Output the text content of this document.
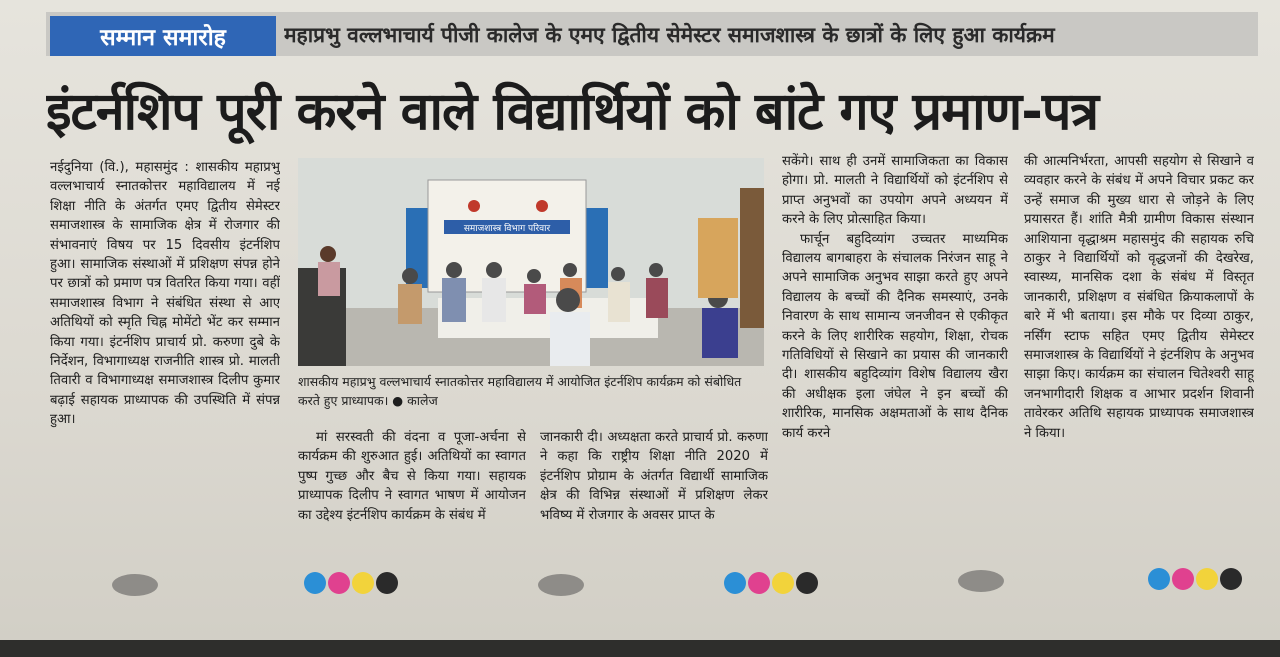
सम्मान समारोह	महाप्रभु वल्लभाचार्य पीजी कालेज के एमए द्वितीय सेमेस्टर समाजशास्त्र के छात्रों के लिए हुआ कार्यक्रम
इंटर्नशिप पूरी करने वाले विद्यार्थियों को बांटे गए प्रमाण-पत्र

नईदुनिया (वि.), महासमुंद : शासकीय महाप्रभु वल्लभाचार्य स्नातकोत्तर महाविद्यालय में नई शिक्षा नीति के अंतर्गत एमए द्वितीय सेमेस्टर समाजशास्त्र के सामाजिक क्षेत्र में रोजगार की संभावनाएं विषय पर 15 दिवसीय इंटर्नशिप हुआ। सामाजिक संस्थाओं में प्रशिक्षण संपन्न होने पर छात्रों को प्रमाण पत्र वितरित किया गया। वहीं समाजशास्त्र विभाग ने संबंधित संस्था से आए अतिथियों को स्मृति चिह्न मोमेंटो भेंट कर सम्मान किया गया। इंटर्नशिप प्राचार्य प्रो. करुणा दुबे के निर्देशन, विभागाध्यक्ष राजनीति शास्त्र प्रो. मालती तिवारी व विभागाध्यक्ष समाजशास्त्र दिलीप कुमार बढ़ाई सहायक प्राध्यापक की उपस्थिति में संपन्न हुआ।

समाजशास्त्र विभाग परिवार
शासकीय महाप्रभु वल्लभाचार्य स्नातकोत्तर महाविद्यालय में आयोजित इंटर्नशिप कार्यक्रम को संबोधित करते हुए प्राध्यापक। ● कालेज

मां सरस्वती की वंदना व पूजा-अर्चना से कार्यक्रम की शुरुआत हुई। अतिथियों का स्वागत पुष्प गुच्छ और बैच से किया गया। सहायक प्राध्यापक दिलीप ने स्वागत भाषण में आयोजन का उद्देश्य इंटर्नशिप कार्यक्रम के संबंध में

जानकारी दी। अध्यक्षता करते प्राचार्य प्रो. करुणा ने कहा कि राष्ट्रीय शिक्षा नीति 2020 में इंटर्नशिप प्रोग्राम के अंतर्गत विद्यार्थी सामाजिक क्षेत्र की विभिन्न संस्थाओं में प्रशिक्षण लेकर भविष्य में रोजगार के अवसर प्राप्त के

सकेंगे। साथ ही उनमें सामाजिकता का विकास होगा। प्रो. मालती ने विद्यार्थियों को इंटर्नशिप से प्राप्त अनुभवों का उपयोग अपने अध्ययन में करने के लिए प्रोत्साहित किया।

फार्चून बहुदिव्यांग उच्चतर माध्यमिक विद्यालय बागबाहरा के संचालक निरंजन साहू ने अपने सामाजिक अनुभव साझा करते हुए अपने विद्यालय के बच्चों की दैनिक समस्याएं, उनके निवारण के साथ सामान्य जनजीवन से एकीकृत करने के लिए शारीरिक सहयोग, शिक्षा, रोचक गतिविधियों से सिखाने का प्रयास की जानकारी दी। शासकीय बहुदिव्यांग विशेष विद्यालय खैरा की अधीक्षक इला जंघेल ने इन बच्चों की शारीरिक, मानसिक अक्षमताओं के साथ दैनिक कार्य करने

की आत्मनिर्भरता, आपसी सहयोग से सिखाने व व्यवहार करने के संबंध में अपने विचार प्रकट कर उन्हें समाज की मुख्य धारा से जोड़ने के लिए प्रयासरत हैं। शांति मैत्री ग्रामीण विकास संस्थान आशियाना वृद्धाश्रम महासमुंद की सहायक रुचि ठाकुर ने विद्यार्थियों को वृद्धजनों की देखरेख, स्वास्थ्य, मानसिक दशा के संबंध में विस्तृत जानकारी, प्रशिक्षण व संबंधित क्रियाकलापों के बारे में भी बताया। इस मौके पर दिव्या ठाकुर, नर्सिंग स्टाफ सहित एमए द्वितीय सेमेस्टर समाजशास्त्र के विद्यार्थियों ने इंटर्नशिप के अनुभव साझा किए। कार्यक्रम का संचालन चितेश्वरी साहू जनभागीदारी शिक्षक व आभार प्रदर्शन शिवानी तावेरकर अतिथि सहायक प्राध्यापक समाजशास्त्र ने किया।
